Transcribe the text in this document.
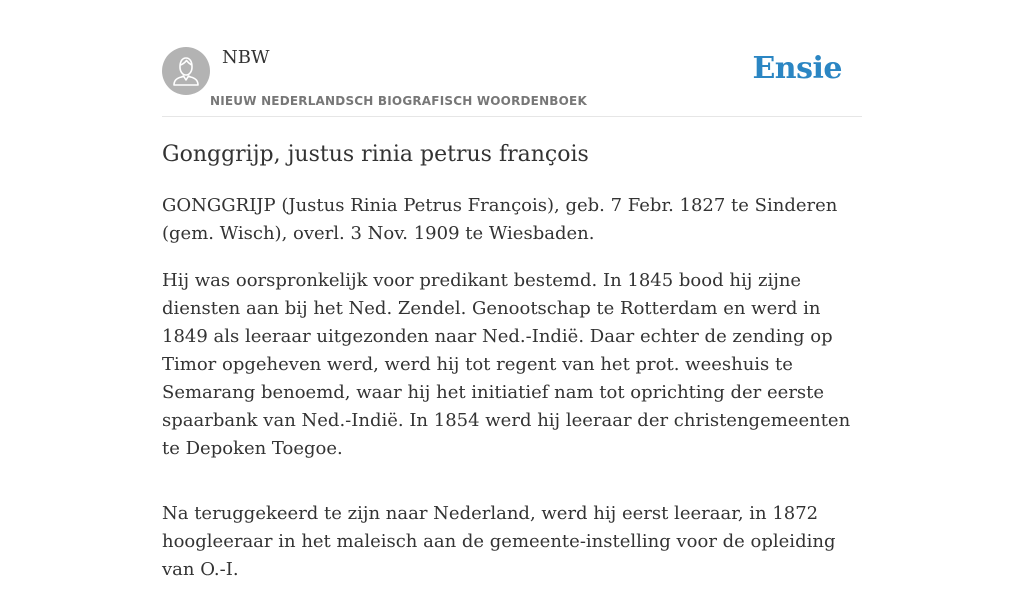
NBW
NIEUW NEDERLANDSCH BIOGRAFISCH WOORDENBOEK
Ensie
Gonggrijp, justus rinia petrus françois

GONGGRIJP (Justus Rinia Petrus François), geb. 7 Febr. 1827 te Sinderen (gem. Wisch), overl. 3 Nov. 1909 te Wiesbaden.

Hij was oorspronkelijk voor predikant bestemd. In 1845 bood hij zijne diensten aan bij het Ned. Zendel. Genootschap te Rotterdam en werd in 1849 als leeraar uitgezonden naar Ned.-Indië. Daar echter de zending op Timor opgeheven werd, werd hij tot regent van het prot. weeshuis te Semarang benoemd, waar hij het initiatief nam tot oprichting der eerste spaarbank van Ned.-Indië. In 1854 werd hij leeraar der christengemeenten te Depoken Toegoe.

Na teruggekeerd te zijn naar Nederland, werd hij eerst leeraar, in 1872 hoogleeraar in het maleisch aan de gemeente-instelling voor de opleiding van O.-I.
